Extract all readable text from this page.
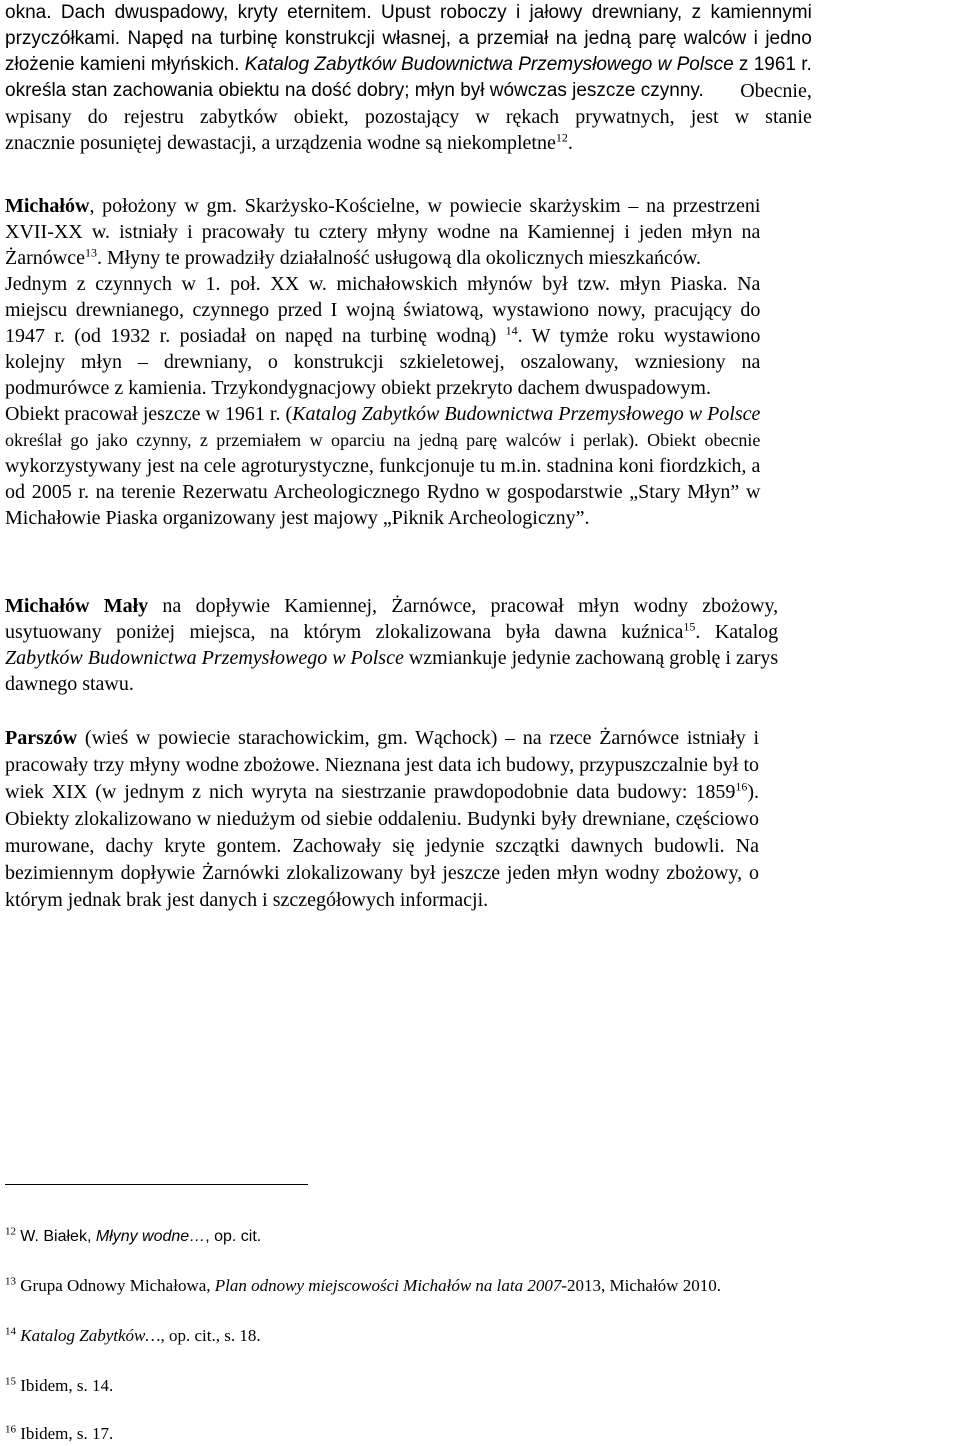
okna. Dach dwuspadowy, kryty eternitem. Upust roboczy i jałowy drewniany, z kamiennymi
przyczółkami. Napęd na turbinę konstrukcji własnej, a przemiał na jedną parę walców i jedno
złożenie kamieni młyńskich. Katalog Zabytków Budownictwa Przemysłowego w Polsce z 1961 r.
określa stan zachowania obiektu na dość dobry; młyn był wówczas jeszcze czynny. Obecnie,
wpisany do rejestru zabytków obiekt, pozostający w rękach prywatnych, jest w stanie
znacznie posuniętej dewastacji, a urządzenia wodne są niekompletne$^{12}$.
Michałów, położony w gm. Skarżysko-Kościelne, w powiecie skarżyskim – na przestrzeni
XVII-XX w. istniały i pracowały tu cztery młyny wodne na Kamiennej i jeden młyn na
Żarnówce$^{13}$. Młyny te prowadziły działalność usługową dla okolicznych mieszkańców.
Jednym z czynnych w 1. poł. XX w. michałowskich młynów był tzw. młyn Piaska. Na
miejscu drewnianego, czynnego przed I wojną światową, wystawiono nowy, pracujący do
1947 r. (od 1932 r. posiadał on napęd na turbinę wodną) $^{14}$. W tymże roku wystawiono
kolejny młyn – drewniany, o konstrukcji szkieletowej, oszalowany, wzniesiony na
podmurówce z kamienia. Trzykondygnacjowy obiekt przekryto dachem dwuspadowym.
Obiekt pracował jeszcze w 1961 r. (Katalog Zabytków Budownictwa Przemysłowego w Polsce
określał go jako czynny, z przemiałem w oparciu na jedną parę walców i perlak). Obiekt obecnie
wykorzystywany jest na cele agroturystyczne, funkcjonuje tu m.in. stadnina koni fiordzkich, a
od 2005 r. na terenie Rezerwatu Archeologicznego Rydno w gospodarstwie „Stary Młyn” w
Michałowie Piaska organizowany jest majowy „Piknik Archeologiczny”.
Michałów Mały na dopływie Kamiennej, Żarnówce, pracował młyn wodny zbożowy,
usytuowany poniżej miejsca, na którym zlokalizowana była dawna kuźnica$^{15}$. Katalog
Zabytków Budownictwa Przemysłowego w Polsce wzmiankuje jedynie zachowaną groblę i zarys
dawnego stawu.
Parszów (wieś w powiecie starachowickim, gm. Wąchock) – na rzece Żarnówce istniały i
pracowały trzy młyny wodne zbożowe. Nieznana jest data ich budowy, przypuszczalnie był to
wiek XIX (w jednym z nich wyryta na siestrzanie prawdopodobnie data budowy: 1859$^{16}$).
Obiekty zlokalizowano w niedużym od siebie oddaleniu. Budynki były drewniane, częściowo
murowane, dachy kryte gontem. Zachowały się jedynie szczątki dawnych budowli. Na
bezimiennym dopływie Żarnówki zlokalizowany był jeszcze jeden młyn wodny zbożowy, o
którym jednak brak jest danych i szczegółowych informacji.
$^{12}$ W. Białek, Młyny wodne…, op. cit.
$^{13}$ Grupa Odnowy Michałowa, Plan odnowy miejscowości Michałów na lata 2007-2013, Michałów 2010.
$^{14}$ Katalog Zabytków…, op. cit., s. 18.
$^{15}$ Ibidem, s. 14.
$^{16}$ Ibidem, s. 17.
